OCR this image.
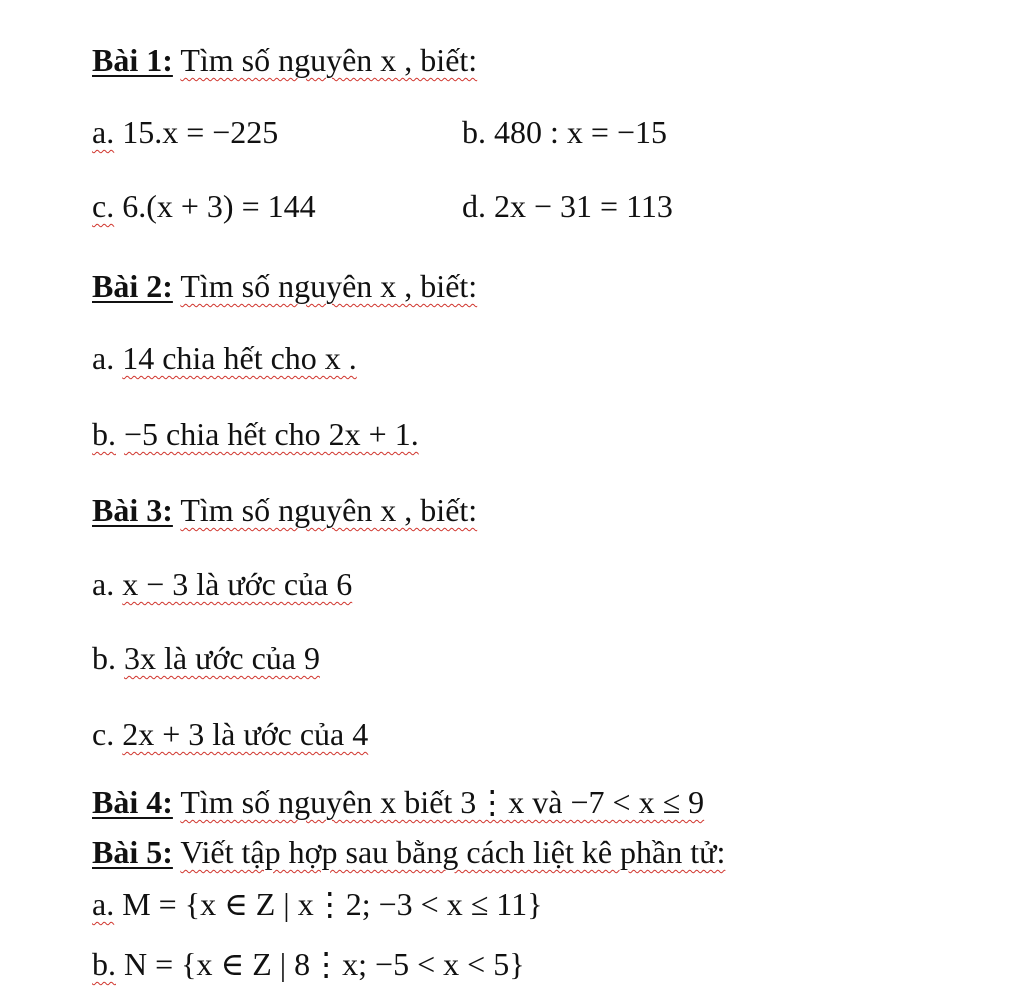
Bài 1: Tìm số nguyên x , biết:
a. 15.x = −225	b. 480 : x = −15
c. 6.(x + 3) = 144	d. 2x − 31 = 113
Bài 2: Tìm số nguyên x , biết:
a. 14 chia hết cho x .
b. −5 chia hết cho 2x + 1.
Bài 3: Tìm số nguyên x , biết:
a. x − 3 là ước của 6
b. 3x là ước của 9
c. 2x + 3 là ước của 4
Bài 4: Tìm số nguyên x biết 3⋮x và −7 < x ≤ 9
Bài 5: Viết tập hợp sau bằng cách liệt kê phần tử:
a. M = {x ∈ Z | x⋮2; −3 < x ≤ 11}
b. N = {x ∈ Z | 8⋮x; −5 < x < 5}
